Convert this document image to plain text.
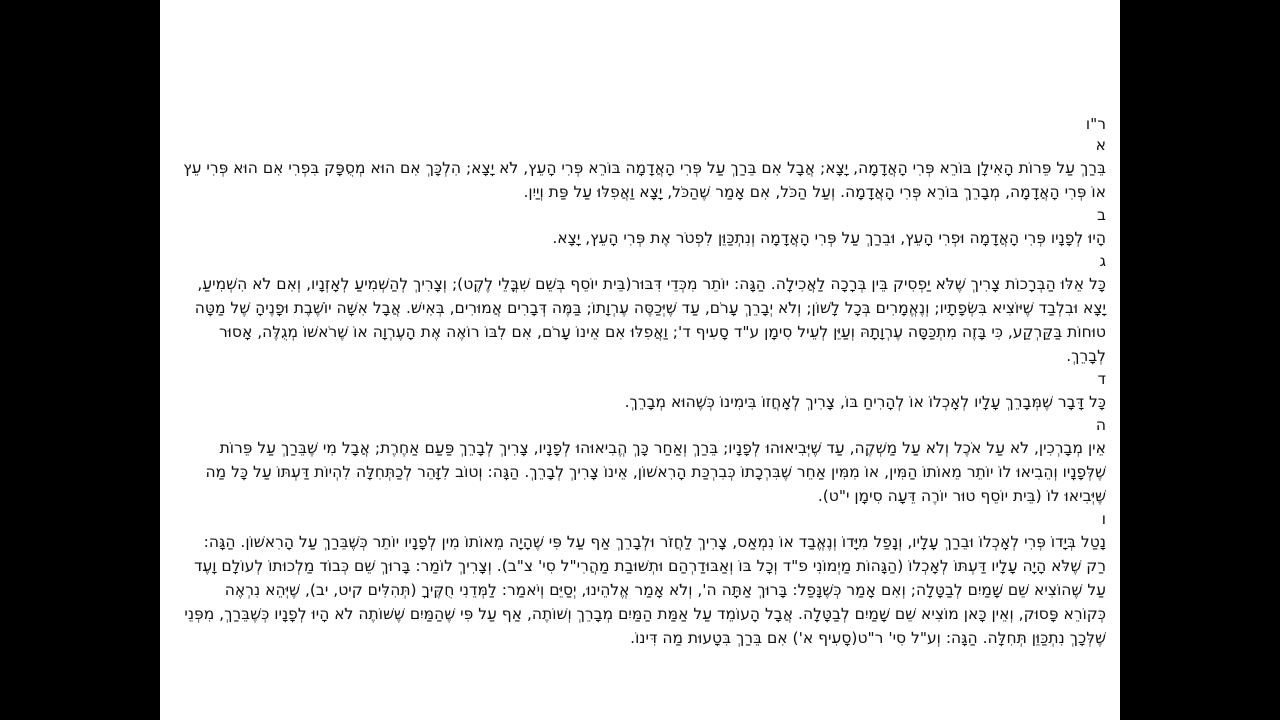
ר"ו
א

בֵּרַךְ עַל פֵּרוֹת הָאִילָן בּוֹרֵא פְּרִי הָאֲדָמָה, יָצָא; אֲבָל אִם בֵּרַךְ עַל פְּרִי הָאֲדָמָה בּוֹרֵא פְּרִי הָעֵץ, לֹא יָצָא; הִלְכָּךְ אִם הוּא מְסֻפָּק בִּפְרִי אִם הוּא פְּרִי עֵץ אוֹ פְּרִי הָאֲדָמָה, מְבָרֵךְ בּוֹרֵא פְּרִי הָאֲדָמָה. וְעַל הַכֹּל, אִם אָמַר שֶׁהַכֹּל, יָצָא וַאֲפִלּוּ עַל פַּת וְיַיִן.

ב

הָיוּ לְפָנָיו פְּרִי הָאֲדָמָה וּפְרִי הָעֵץ, וּבֵרַךְ עַל פְּרִי הָאֲדָמָה וְנִתְכַּוֵּן לִפְטֹר אֶת פְּרִי הָעֵץ, יָצָא.

ג

כָּל אֵלּוּ הַבְּרָכוֹת צָרִיךְ שֶׁלֹּא יַפְסִיק בֵּין בְּרָכָה לַאֲכִילָה. הַגָּה: יוֹתֵר מִכְּדֵי דִּבּוּר(בֵּית יוֹסֵף בְּשֵׁם שִׁבֳּלֵי לֶקֶט); וְצָרִיךְ לְהַשְׁמִיעַ לְאָזְנָיו, וְאִם לֹא הִשְׁמִיעַ, יָצָא וּבִלְבַד שֶׁיּוֹצִיא בִּשְׂפָתָיו; וְנֶאֱמָרִים בְּכָל לָשׁוֹן; וְלֹא יְבָרֵךְ עָרֹם, עַד שֶׁיְּכַסֶּה עֶרְוָתוֹ; בַּמֶּה דְּבָרִים אֲמוּרִים, בְּאִישׁ. אֲבָל אִשָּׁה יוֹשֶׁבֶת וּפָנֶיהָ שֶׁל מַטָּה טוּחוֹת בַּקַּרְקַע, כִּי בָּזֶה מִתְכַּסָּה עֶרְוָתָהּ וְעַיֵּן לְעֵיל סִימָן ע"ד סָעִיף ד'; וַאֲפִלּוּ אִם אֵינוֹ עָרֹם, אִם לִבּוֹ רוֹאֶה אֶת הָעֶרְוָה אוֹ שֶׁרֹאשׁוֹ מְגֻלֶּה, אָסוּר לְבָרֵךְ.

ד

כָּל דָּבָר שֶׁמְּבָרֵךְ עָלָיו לְאָכְלוֹ אוֹ לְהָרִיחַ בּוֹ, צָרִיךְ לְאָחֲזוֹ בִּימִינוֹ כְּשֶׁהוּא מְבָרֵךְ.

ה

אֵין מְבָרְכִין, לֹא עַל אֹכֶל וְלֹא עַל מַשְׁקֶה, עַד שֶׁיְּבִיאוּהוּ לְפָנָיו; בֵּרַךְ וְאַחַר כָּךְ הֱבִיאוּהוּ לְפָנָיו, צָרִיךְ לְבָרֵךְ פַּעַם אַחֶרֶת; אֲבָל מִי שֶׁבֵּרַךְ עַל פֵּרוֹת שֶׁלְּפָנָיו וְהֵבִיאוּ לוֹ יוֹתֵר מֵאוֹתוֹ הַמִּין, אוֹ מִמִּין אַחֵר שֶׁבִּרְכָתוֹ כְּבִרְכַּת הָרִאשׁוֹן, אֵינוֹ צָרִיךְ לְבָרֵךְ. הַגָּה: וְטוֹב לִזָּהֵר לְכַתְּחִלָּה לִהְיוֹת דַּעְתּוֹ עַל כָּל מַה שֶּׁיְּבִיאוּ לוֹ (בֵּית יוֹסֵף טוּר יוֹרֶה דֵּעָה סִימָן י"ט).

ו

נָטַל בְּיָדוֹ פְּרִי לְאָכְלוֹ וּבֵרַךְ עָלָיו, וְנָפַל מִיָּדוֹ וְנֶאֱבַד אוֹ נִמְאַס, צָרִיךְ לַחֲזֹר וּלְבָרֵךְ אַף עַל פִּי שֶׁהָיָה מֵאוֹתוֹ מִין לְפָנָיו יוֹתֵר כְּשֶׁבֵּרַךְ עַל הָרִאשׁוֹן. הַגָּה: רַק שֶׁלֹּא הָיָה עָלָיו דַּעְתּוֹ לְאָכְלוֹ (הַגָּהוֹת מַיְמוֹנִי פ"ד וְכָל בּוֹ וְאַבּוּדַרְהַם וּתְשׁוּבַת מַהֲרִי"ל סִי' צ"ב). וְצָרִיךְ לוֹמַר: בָּרוּךְ שֵׁם כְּבוֹד מַלְכוּתוֹ לְעוֹלָם וָעֶד עַל שֶׁהוֹצִיא שֵׁם שָׁמַיִם לְבַטָּלָה; וְאִם אָמַר כְּשֶׁנָּפַל: בָּרוּךְ אַתָּה ה', וְלֹא אָמַר אֱלֹהֵינוּ, יְסַיֵּם וְיֹאמַר: לַמְּדֵנִי חֻקֶּיךָ (תְּהִלִּים קיט, יב), שֶׁיְּהֵא נִרְאֶה כְּקוֹרֵא פָּסוּק, וְאֵין כָּאן מוֹצִיא שֵׁם שָׁמַיִם לְבַטָּלָה. אֲבָל הָעוֹמֵד עַל אַמַּת הַמַּיִם מְבָרֵךְ וְשׁוֹתֶה, אַף עַל פִּי שֶׁהַמַּיִם שֶׁשּׁוֹתֶה לֹא הָיוּ לְפָנָיו כְּשֶׁבֵּרַךְ, מִפְּנֵי שֶׁלְּכָךְ נִתְכַּוֵּן תְּחִלָּה. הַגָּה: וְע"ל סִי' ר"ט(סָעִיף א') אִם בֵּרַךְ בִּטָעוּת מַה דִּינוֹ.
